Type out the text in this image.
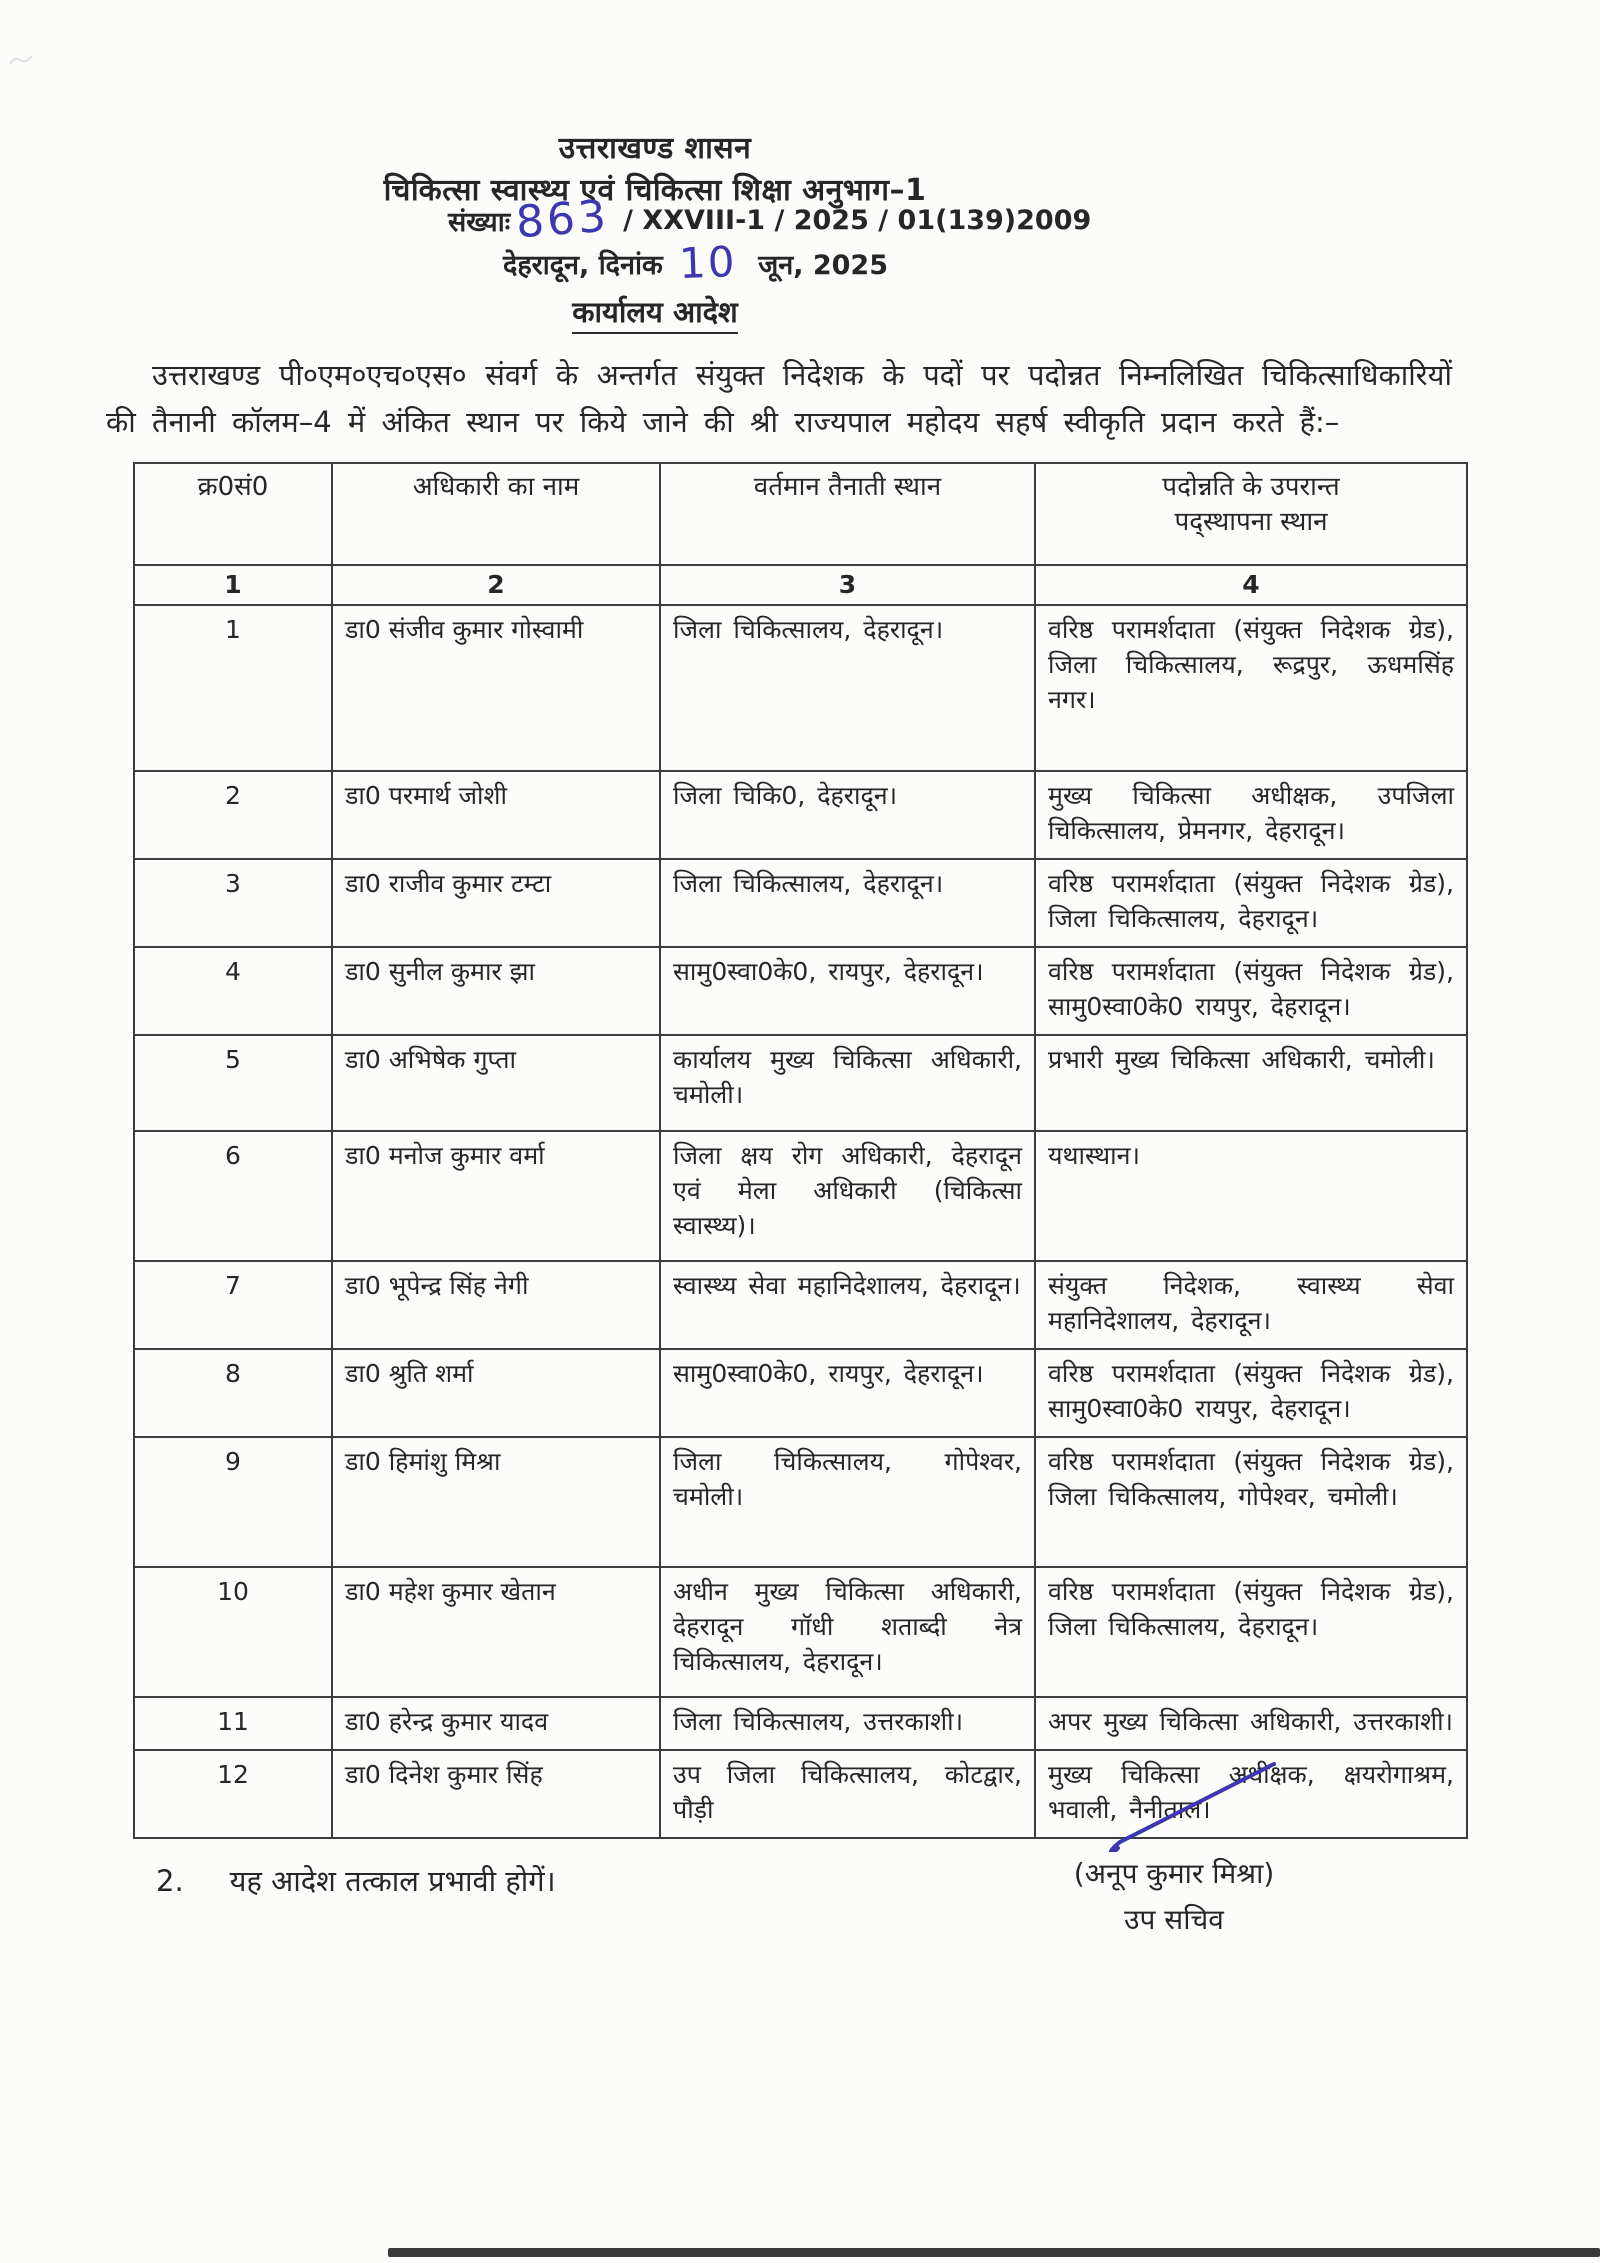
उत्तराखण्ड शासन
चिकित्सा स्वास्थ्य एवं चिकित्सा शिक्षा अनुभाग–1
संख्याः 863 / XXVIII-1 / 2025 / 01(139)2009
देहरादून, दिनांक 10 जून, 2025
कार्यालय आदेश

उत्तराखण्ड पी०एम०एच०एस० संवर्ग के अन्तर्गत संयुक्त निदेशक के पदों पर पदोन्नत निम्नलिखित चिकित्साधिकारियों की तैनानी कॉलम–4 में अंकित स्थान पर किये जाने की श्री राज्यपाल महोदय सहर्ष स्वीकृति प्रदान करते हैं:–

क्र0सं0	अधिकारी का नाम	वर्तमान तैनाती स्थान	पदोन्नति के उपरान्त
पद्स्थापना स्थान

1	2	3	4
1	डा0 संजीव कुमार गोस्वामी	जिला चिकित्सालय, देहरादून।	वरिष्ठ परामर्शदाता (संयुक्त निदेशक ग्रेड), जिला चिकित्सालय, रूद्रपुर, ऊधमसिंह नगर।
2	डा0 परमार्थ जोशी	जिला चिकि0, देहरादून।	मुख्य चिकित्सा अधीक्षक, उपजिला चिकित्सालय, प्रेमनगर, देहरादून।
3	डा0 राजीव कुमार टम्टा	जिला चिकित्सालय, देहरादून।	वरिष्ठ परामर्शदाता (संयुक्त निदेशक ग्रेड), जिला चिकित्सालय, देहरादून।
4	डा0 सुनील कुमार झा	सामु0स्वा0के0, रायपुर, देहरादून।	वरिष्ठ परामर्शदाता (संयुक्त निदेशक ग्रेड), सामु0स्वा0के0 रायपुर, देहरादून।
5	डा0 अभिषेक गुप्ता	कार्यालय मुख्य चिकित्सा अधिकारी, चमोली।	प्रभारी मुख्य चिकित्सा अधिकारी, चमोली।
6	डा0 मनोज कुमार वर्मा	जिला क्षय रोग अधिकारी, देहरादून एवं मेला अधिकारी (चिकित्सा स्वास्थ्य)।	यथास्थान।
7	डा0 भूपेन्द्र सिंह नेगी	स्वास्थ्य सेवा महानिदेशालय, देहरादून।	संयुक्त निदेशक, स्वास्थ्य सेवा महानिदेशालय, देहरादून।
8	डा0 श्रुति शर्मा	सामु0स्वा0के0, रायपुर, देहरादून।	वरिष्ठ परामर्शदाता (संयुक्त निदेशक ग्रेड), सामु0स्वा0के0 रायपुर, देहरादून।
9	डा0 हिमांशु मिश्रा	जिला चिकित्सालय, गोपेश्वर, चमोली।	वरिष्ठ परामर्शदाता (संयुक्त निदेशक ग्रेड), जिला चिकित्सालय, गोपेश्वर, चमोली।
10	डा0 महेश कुमार खेतान	अधीन मुख्य चिकित्सा अधिकारी, देहरादून गॉधी शताब्दी नेत्र चिकित्सालय, देहरादून।	वरिष्ठ परामर्शदाता (संयुक्त निदेशक ग्रेड), जिला चिकित्सालय, देहरादून।
11	डा0 हरेन्द्र कुमार यादव	जिला चिकित्सालय, उत्तरकाशी।	अपर मुख्य चिकित्सा अधिकारी, उत्तरकाशी।
12	डा0 दिनेश कुमार सिंह	उप जिला चिकित्सालय, कोटद्वार, पौड़ी	मुख्य चिकित्सा अधीक्षक, क्षयरोगाश्रम, भवाली, नैनीताल।
2. यह आदेश तत्काल प्रभावी होगें।	(अनूप कुमार मिश्रा)
उप सचिव
